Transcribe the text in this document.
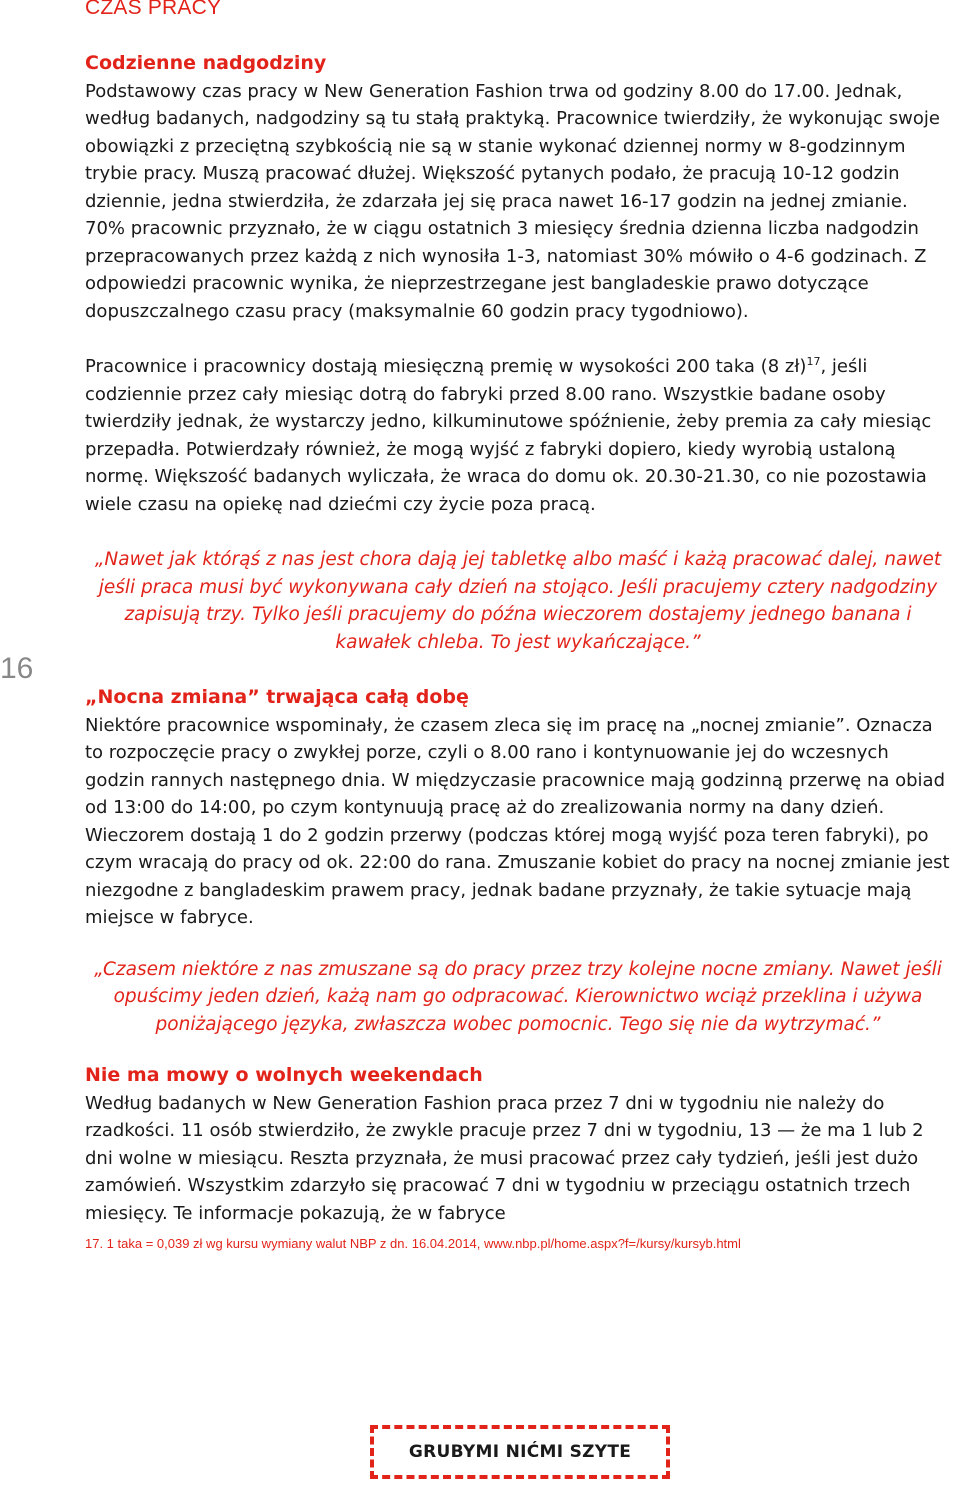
CZAS PRACY
16
Codzienne nadgodziny

Podstawowy czas pracy w New Generation Fashion trwa od godziny 8.00 do 17.00. Jednak, według badanych, nadgodziny są tu stałą praktyką. Pracownice twierdziły, że wykonując swoje obowiązki z przeciętną szybkością nie są w stanie wykonać dziennej normy w 8-godzinnym trybie pracy. Muszą pracować dłużej. Większość pytanych podało, że pracują 10-12 godzin dziennie, jedna stwierdziła, że zdarzała jej się praca nawet 16-17 godzin na jednej zmianie. 70% pracownic przyznało, że w ciągu ostatnich 3 miesięcy średnia dzienna liczba nadgodzin przepracowanych przez każdą z nich wynosiła 1-3, natomiast 30% mówiło o 4-6 godzinach. Z odpowiedzi pracownic wynika, że nieprzestrzegane jest bangladeskie prawo dotyczące dopuszczalnego czasu pracy (maksymalnie 60 godzin pracy tygodniowo).

Pracownice i pracownicy dostają miesięczną premię w wysokości 200 taka (8 zł)$^{17}$, jeśli codziennie przez cały miesiąc dotrą do fabryki przed 8.00 rano. Wszystkie badane osoby twierdziły jednak, że wystarczy jedno, kilkuminutowe spóźnienie, żeby premia za cały miesiąc przepadła. Potwierdzały również, że mogą wyjść z fabryki dopiero, kiedy wyrobią ustaloną normę. Większość badanych wyliczała, że wraca do domu ok. 20.30-21.30, co nie pozostawia wiele czasu na opiekę nad dziećmi czy życie poza pracą.

„Nawet jak którąś z nas jest chora dają jej tabletkę albo maść i każą pracować dalej, nawet jeśli praca musi być wykonywana cały dzień na stojąco. Jeśli pracujemy cztery nadgodziny zapisują trzy. Tylko jeśli pracujemy do późna wieczorem dostajemy jednego banana i kawałek chleba. To jest wykańczające.”
„Nocna zmiana” trwająca całą dobę

Niektóre pracownice wspominały, że czasem zleca się im pracę na „nocnej zmianie”. Oznacza to rozpoczęcie pracy o zwykłej porze, czyli o 8.00 rano i kontynuowanie jej do wczesnych godzin rannych następnego dnia. W międzyczasie pracownice mają godzinną przerwę na obiad od 13:00 do 14:00, po czym kontynuują pracę aż do zrealizowania normy na dany dzień. Wieczorem dostają 1 do 2 godzin przerwy (podczas której mogą wyjść poza teren fabryki), po czym wracają do pracy od ok. 22:00 do rana. Zmuszanie kobiet do pracy na nocnej zmianie jest niezgodne z bangladeskim prawem pracy, jednak badane przyznały, że takie sytuacje mają miejsce w fabryce.

„Czasem niektóre z nas zmuszane są do pracy przez trzy kolejne nocne zmiany. Nawet jeśli opuścimy jeden dzień, każą nam go odpracować. Kierownictwo wciąż przeklina i używa poniżającego języka, zwłaszcza wobec pomocnic. Tego się nie da wytrzymać.”
Nie ma mowy o wolnych weekendach

Według badanych w New Generation Fashion praca przez 7 dni w tygodniu nie należy do rzadkości. 11 osób stwierdziło, że zwykle pracuje przez 7 dni w tygodniu, 13 — że ma 1 lub 2 dni wolne w miesiącu. Reszta przyznała, że musi pracować przez cały tydzień, jeśli jest dużo zamówień. Wszystkim zdarzyło się pracować 7 dni w tygodniu w przeciągu ostatnich trzech miesięcy. Te informacje pokazują, że w fabryce

17. 1 taka = 0,039 zł wg kursu wymiany walut NBP z dn. 16.04.2014, www.nbp.pl/home.aspx?f=/kursy/kursyb.html

GRUBYMI NIĆMI SZYTE
